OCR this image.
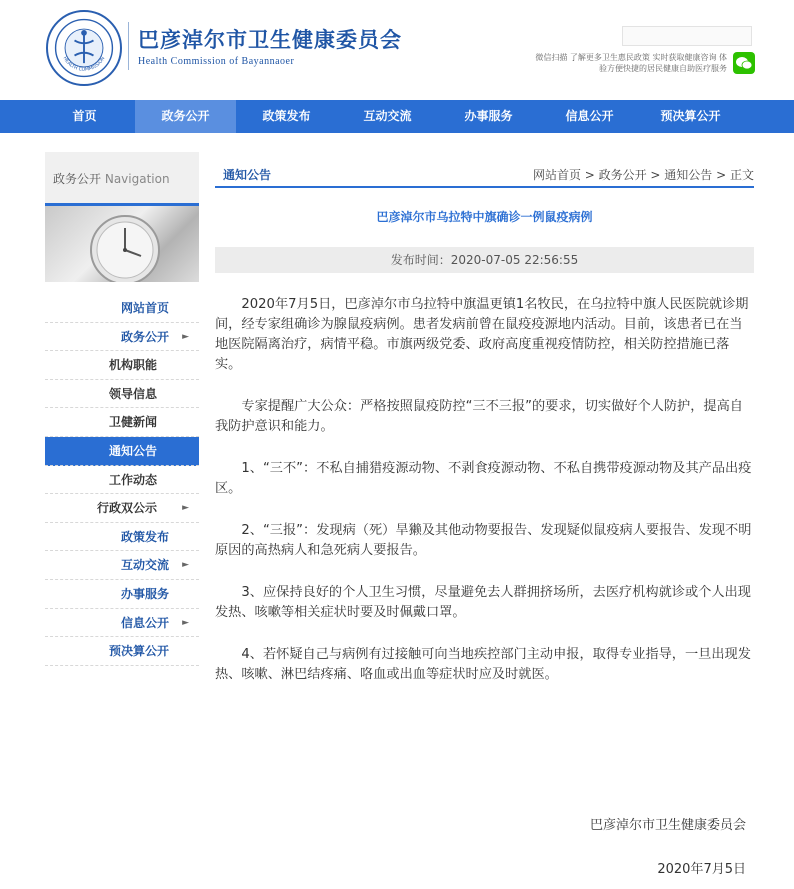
HEALTH COMMISSION
巴彦淖尔市卫生健康委员会
Health Commission of Bayannaoer	微信扫描 了解更多卫生惠民政策 实时获取健康咨询 体验方便快捷的居民健康自助医疗服务
首页	政务公开	政策发布	互动交流	办事服务	信息公开	预决算公开
政务公开 Navigation
网站首页
政务公开 ►
机构职能
领导信息
卫健新闻
通知公告
工作动态
行政双公示	►
政策发布
互动交流 ►
办事服务
信息公开 ►
预决算公开
通知公告	网站首页 > 政务公开 > 通知公告 > 正文
巴彦淖尔市乌拉特中旗确诊一例鼠疫病例
发布时间：2020-07-05 22:56:55

2020年7月5日，巴彦淖尔市乌拉特中旗温更镇1名牧民，在乌拉特中旗人民医院就诊期间，经专家组确诊为腺鼠疫病例。患者发病前曾在鼠疫疫源地内活动。目前，该患者已在当地医院隔离治疗，病情平稳。市旗两级党委、政府高度重视疫情防控，相关防控措施已落实。

专家提醒广大公众：严格按照鼠疫防控“三不三报”的要求，切实做好个人防护，提高自我防护意识和能力。

1、“三不”：不私自捕猎疫源动物、不剥食疫源动物、不私自携带疫源动物及其产品出疫区。

2、“三报”：发现病（死）旱獭及其他动物要报告、发现疑似鼠疫病人要报告、发现不明原因的高热病人和急死病人要报告。

3、应保持良好的个人卫生习惯，尽量避免去人群拥挤场所，去医疗机构就诊或个人出现发热、咳嗽等相关症状时要及时佩戴口罩。

4、若怀疑自己与病例有过接触可向当地疾控部门主动申报，取得专业指导，一旦出现发热、咳嗽、淋巴结疼痛、咯血或出血等症状时应及时就医。

巴彦淖尔市卫生健康委员会
2020年7月5日
